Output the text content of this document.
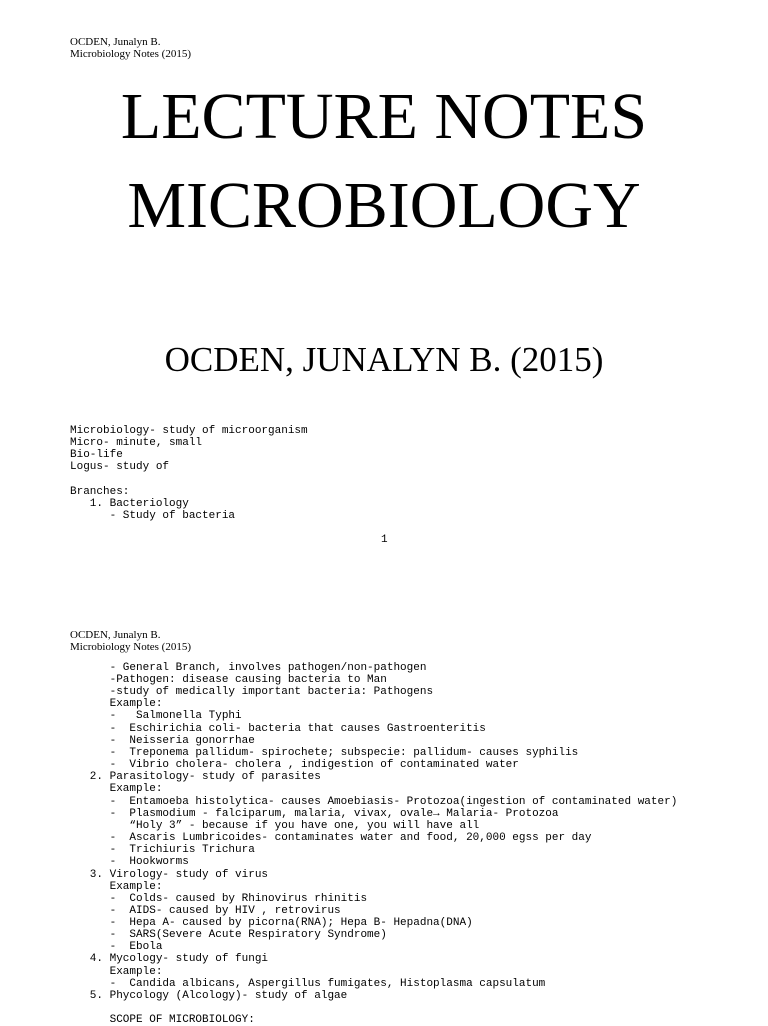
OCDEN, Junalyn B.
Microbiology Notes (2015)
LECTURE NOTES
MICROBIOLOGY
OCDEN, JUNALYN B. (2015)
Microbiology- study of microorganism
Micro- minute, small
Bio-life
Logus- study of
Branches:
1. Bacteriology
- Study of bacteria
1
OCDEN, Junalyn B.
Microbiology Notes (2015)
- General Branch, involves pathogen/non-pathogen
-Pathogen: disease causing bacteria to Man
-study of medically important bacteria: Pathogens
Example:
-   Salmonella Typhi
-  Eschirichia coli- bacteria that causes Gastroenteritis
-  Neisseria gonorrhae
-  Treponema pallidum- spirochete; subspecie: pallidum- causes syphilis
-  Vibrio cholera- cholera , indigestion of contaminated water
2. Parasitology- study of parasites
Example:
-  Entamoeba histolytica- causes Amoebiasis- Protozoa(ingestion of contaminated water)
-  Plasmodium - falciparum, malaria, vivax, ovale→ Malaria- Protozoa
“Holy 3” - because if you have one, you will have all
-  Ascaris Lumbricoides- contaminates water and food, 20,000 egss per day
-  Trichiuris Trichura
-  Hookworms
3. Virology- study of virus
Example:
-  Colds- caused by Rhinovirus rhinitis
-  AIDS- caused by HIV , retrovirus
-  Hepa A- caused by picorna(RNA); Hepa B- Hepadna(DNA)
-  SARS(Severe Acute Respiratory Syndrome)
-  Ebola
4. Mycology- study of fungi
Example:
-  Candida albicans, Aspergillus fumigates, Histoplasma capsulatum
5. Phycology (Alcology)- study of algae
SCOPE OF MICROBIOLOGY:
